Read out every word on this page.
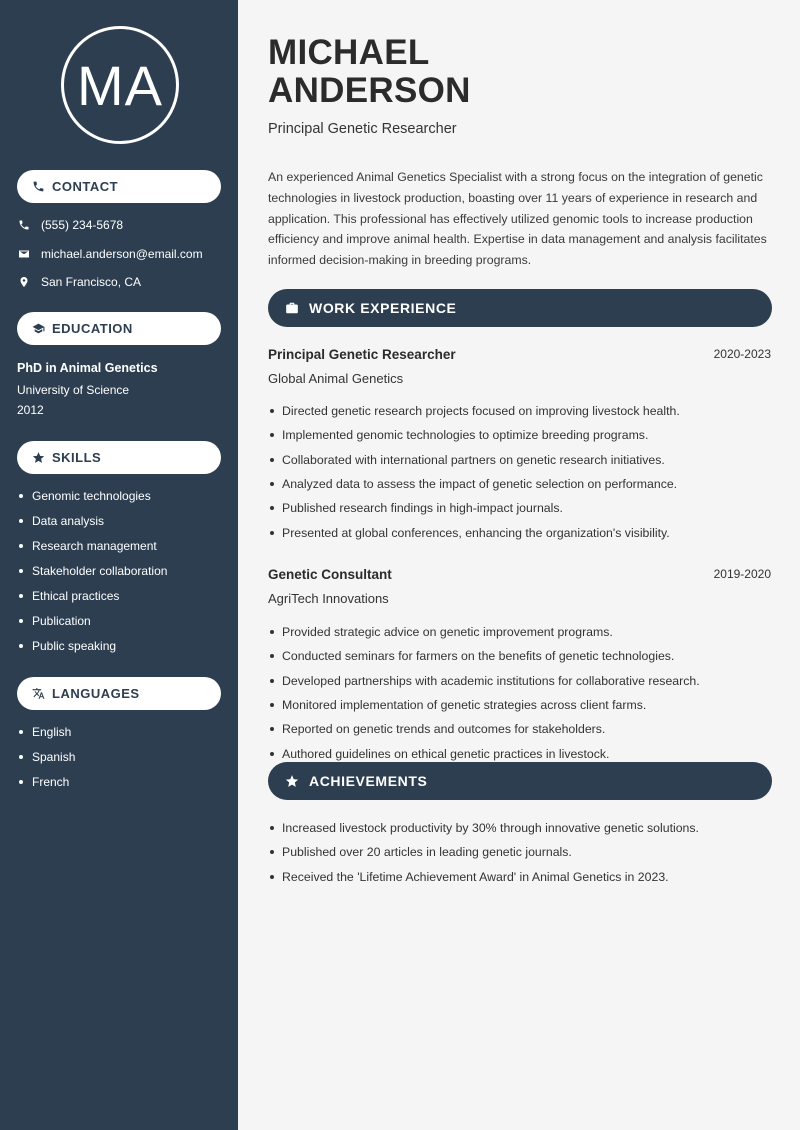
MA
CONTACT
(555) 234-5678
michael.anderson@email.com
San Francisco, CA
EDUCATION
PhD in Animal Genetics
University of Science
2012
SKILLS
Genomic technologies
Data analysis
Research management
Stakeholder collaboration
Ethical practices
Publication
Public speaking
LANGUAGES
English
Spanish
French
MICHAEL
ANDERSON
Principal Genetic Researcher

An experienced Animal Genetics Specialist with a strong focus on the integration of genetic technologies in livestock production, boasting over 11 years of experience in research and application. This professional has effectively utilized genomic tools to increase production efficiency and improve animal health. Expertise in data management and analysis facilitates informed decision-making in breeding programs.

WORK EXPERIENCE
Principal Genetic Researcher	2020-2023
Global Animal Genetics
Directed genetic research projects focused on improving livestock health.
Implemented genomic technologies to optimize breeding programs.
Collaborated with international partners on genetic research initiatives.
Analyzed data to assess the impact of genetic selection on performance.
Published research findings in high-impact journals.
Presented at global conferences, enhancing the organization's visibility.
Genetic Consultant	2019-2020
AgriTech Innovations
Provided strategic advice on genetic improvement programs.
Conducted seminars for farmers on the benefits of genetic technologies.
Developed partnerships with academic institutions for collaborative research.
Monitored implementation of genetic strategies across client farms.
Reported on genetic trends and outcomes for stakeholders.
Authored guidelines on ethical genetic practices in livestock.
ACHIEVEMENTS
Increased livestock productivity by 30% through innovative genetic solutions.
Published over 20 articles in leading genetic journals.
Received the 'Lifetime Achievement Award' in Animal Genetics in 2023.
